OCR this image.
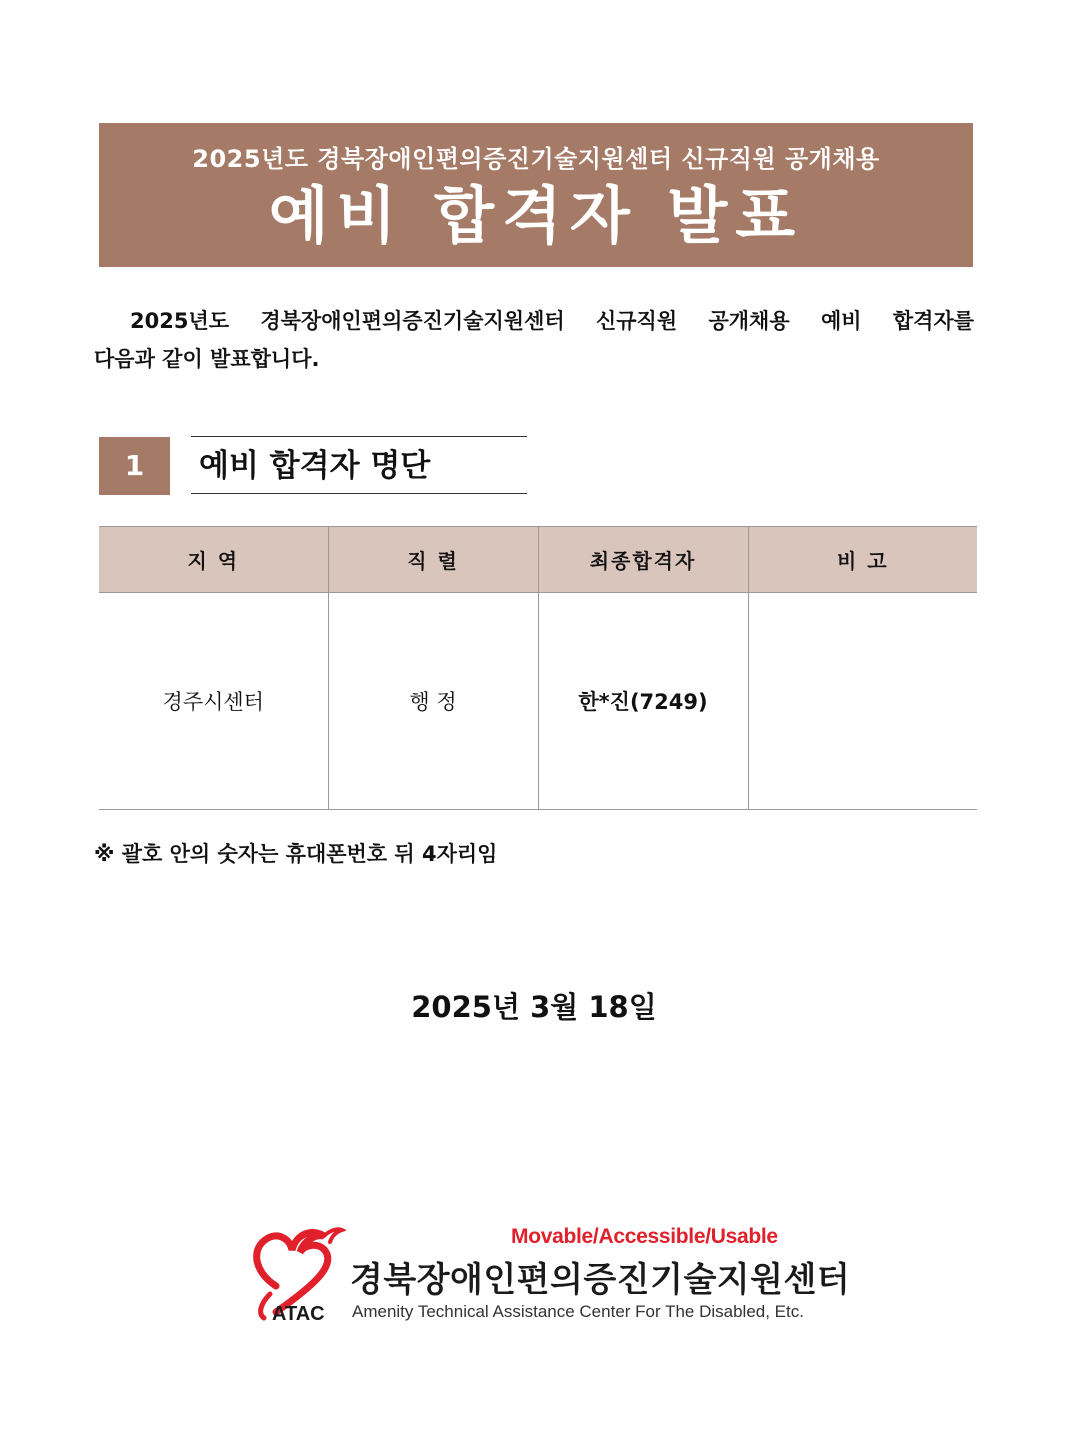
2025년도 경북장애인편의증진기술지원센터 신규직원 공개채용
예비 합격자 발표
2025년도 경북장애인편의증진기술지원센터 신규직원 공개채용 예비 합격자를
다음과 같이 발표합니다.
1	예비 합격자 명단
지 역	직 렬	최종합격자	비 고
경주시센터	행 정	한*진(7249)	
※ 괄호 안의 숫자는 휴대폰번호 뒤 4자리임
2025년 3월 18일
ATAC
Movable/Accessible/Usable
경북장애인편의증진기술지원센터
Amenity Technical Assistance Center For The Disabled, Etc.
